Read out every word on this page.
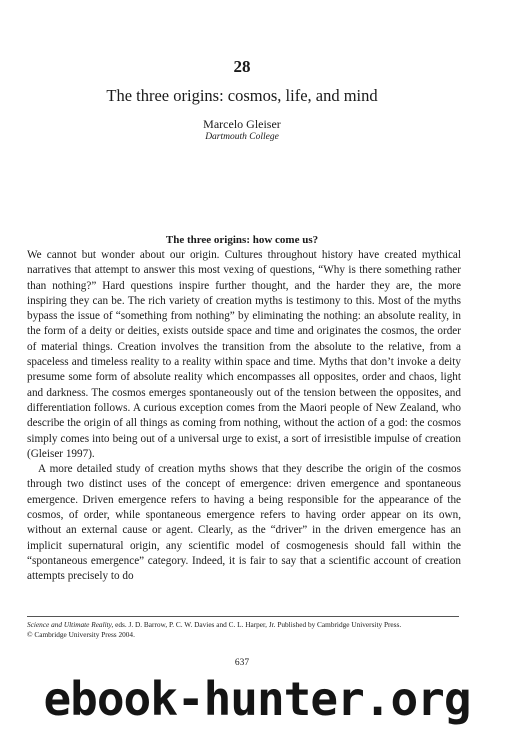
28
The three origins: cosmos, life, and mind
Marcelo Gleiser
Dartmouth College
The three origins: how come us?

We cannot but wonder about our origin. Cultures throughout history have created mythical narratives that attempt to answer this most vexing of questions, “Why is there something rather than nothing?” Hard questions inspire further thought, and the harder they are, the more inspiring they can be. The rich variety of creation myths is testimony to this. Most of the myths bypass the issue of “something from nothing” by eliminating the nothing: an absolute reality, in the form of a deity or deities, exists outside space and time and originates the cosmos, the order of material things. Creation involves the transition from the absolute to the relative, from a spaceless and timeless reality to a reality within space and time. Myths that don’t invoke a deity presume some form of absolute reality which encompasses all opposites, order and chaos, light and darkness. The cosmos emerges spontaneously out of the tension between the opposites, and differentiation follows. A curious exception comes from the Maori people of New Zealand, who describe the origin of all things as coming from nothing, without the action of a god: the cosmos simply comes into being out of a universal urge to exist, a sort of irresistible impulse of creation (Gleiser 1997).

A more detailed study of creation myths shows that they describe the origin of the cosmos through two distinct uses of the concept of emergence: driven emergence and spontaneous emergence. Driven emergence refers to having a being responsible for the appearance of the cosmos, of order, while spontaneous emergence refers to having order appear on its own, without an external cause or agent. Clearly, as the “driver” in the driven emergence has an implicit supernatural origin, any scientific model of cosmogenesis should fall within the “spontaneous emergence” category. Indeed, it is fair to say that a scientific account of creation attempts precisely to do

Science and Ultimate Reality, eds. J. D. Barrow, P. C. W. Davies and C. L. Harper, Jr. Published by Cambridge University Press.
© Cambridge University Press 2004.
637
ebook-hunter.org
